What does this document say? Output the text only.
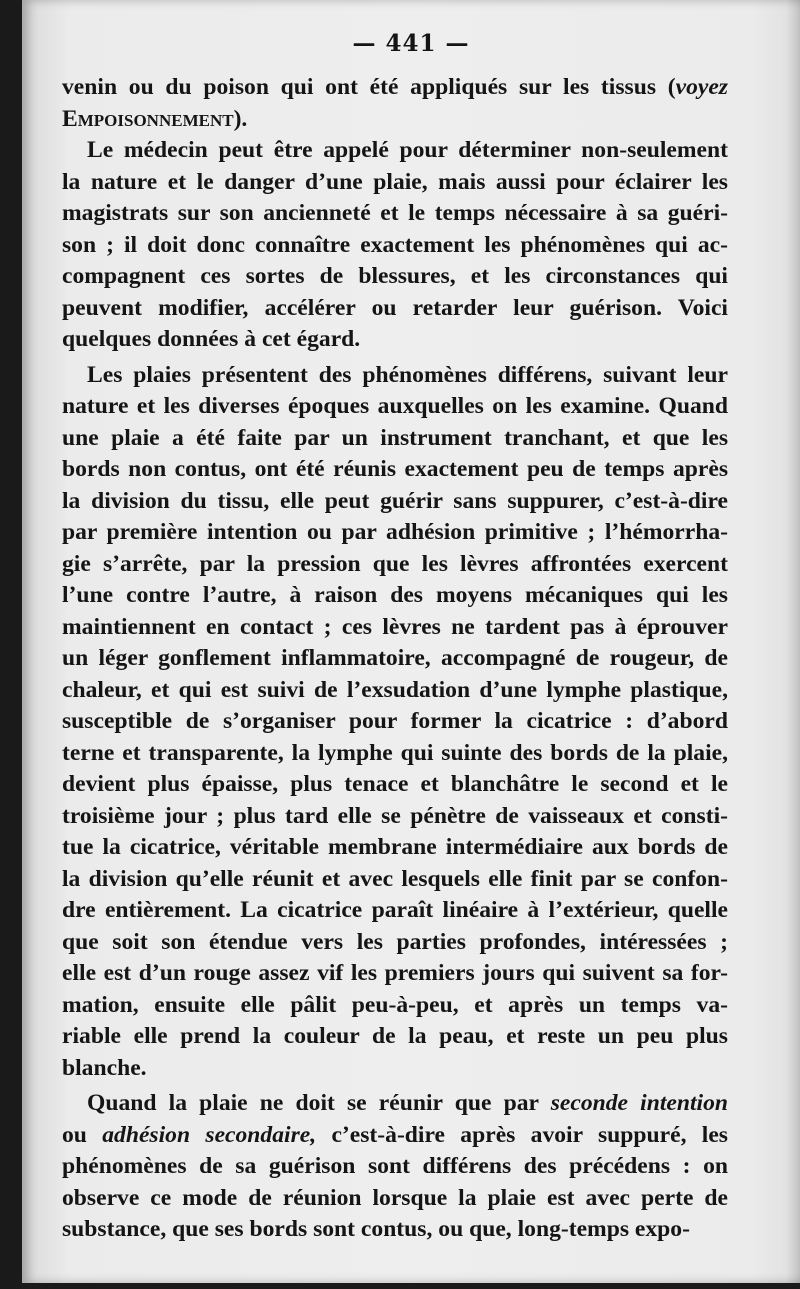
— 441 —
venin ou du poison qui ont été appliqués sur les tissus (voyez
Empoisonnement).
Le médecin peut être appelé pour déterminer non-seulement
la nature et le danger d’une plaie, mais aussi pour éclairer les
magistrats sur son ancienneté et le temps nécessaire à sa guéri-
son ; il doit donc connaître exactement les phénomènes qui ac-
compagnent ces sortes de blessures, et les circonstances qui
peuvent modifier, accélérer ou retarder leur guérison. Voici
quelques données à cet égard.
Les plaies présentent des phénomènes différens, suivant leur
nature et les diverses époques auxquelles on les examine. Quand
une plaie a été faite par un instrument tranchant, et que les
bords non contus, ont été réunis exactement peu de temps après
la division du tissu, elle peut guérir sans suppurer, c’est-à-dire
par première intention ou par adhésion primitive ; l’hémorrha-
gie s’arrête, par la pression que les lèvres affrontées exercent
l’une contre l’autre, à raison des moyens mécaniques qui les
maintiennent en contact ; ces lèvres ne tardent pas à éprouver
un léger gonflement inflammatoire, accompagné de rougeur, de
chaleur, et qui est suivi de l’exsudation d’une lymphe plastique,
susceptible de s’organiser pour former la cicatrice : d’abord
terne et transparente, la lymphe qui suinte des bords de la plaie,
devient plus épaisse, plus tenace et blanchâtre le second et le
troisième jour ; plus tard elle se pénètre de vaisseaux et consti-
tue la cicatrice, véritable membrane intermédiaire aux bords de
la division qu’elle réunit et avec lesquels elle finit par se confon-
dre entièrement. La cicatrice paraît linéaire à l’extérieur, quelle
que soit son étendue vers les parties profondes, intéressées ;
elle est d’un rouge assez vif les premiers jours qui suivent sa for-
mation, ensuite elle pâlit peu-à-peu, et après un temps va-
riable elle prend la couleur de la peau, et reste un peu plus
blanche.
Quand la plaie ne doit se réunir que par seconde intention
ou adhésion secondaire, c’est-à-dire après avoir suppuré, les
phénomènes de sa guérison sont différens des précédens : on
observe ce mode de réunion lorsque la plaie est avec perte de
substance, que ses bords sont contus, ou que, long-temps expo-
